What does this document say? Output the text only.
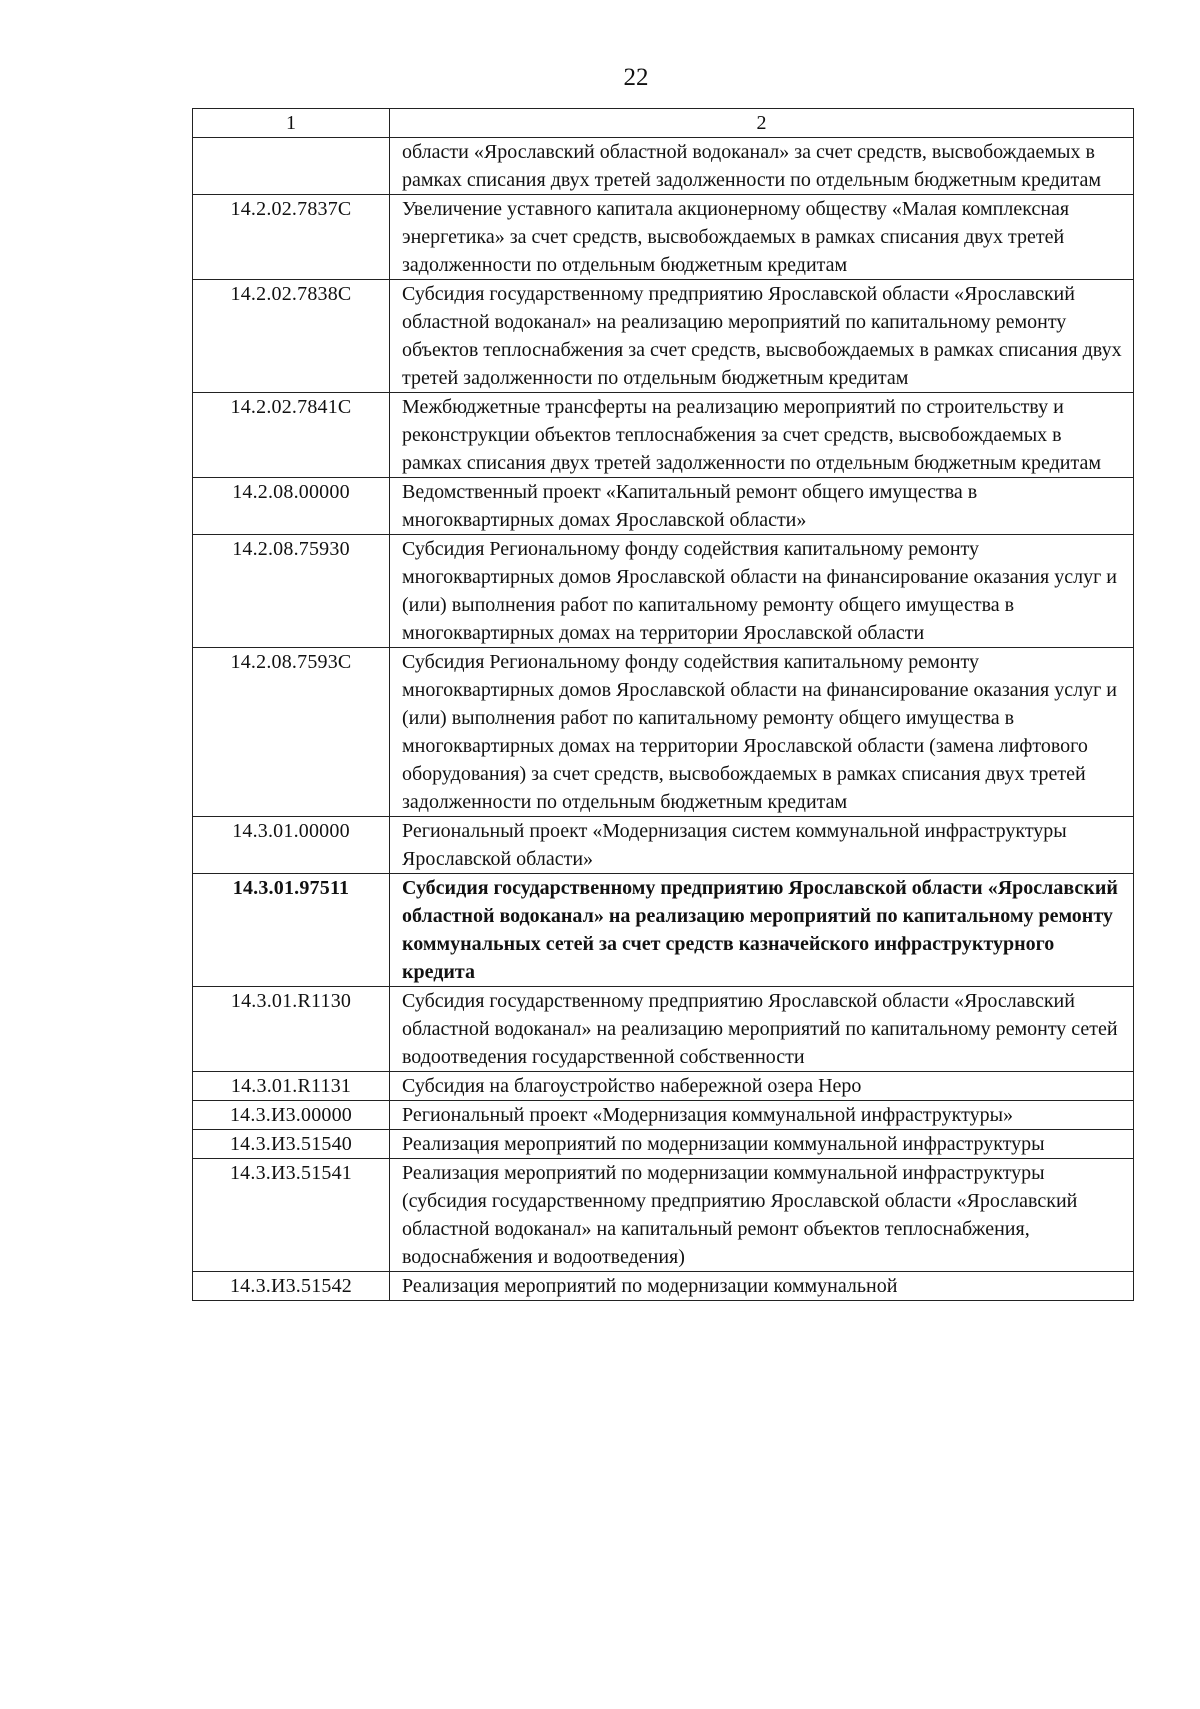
22
1	2
	области «Ярославский областной водоканал» за счет средств, высвобождаемых в рамках списания двух третей задолженности по отдельным бюджетным кредитам
14.2.02.7837С	Увеличение уставного капитала акционерному обществу «Малая комплексная энергетика» за счет средств, высвобождаемых в рамках списания двух третей задолженности по отдельным бюджетным кредитам
14.2.02.7838С	Субсидия государственному предприятию Ярославской области «Ярославский областной водоканал» на реализацию мероприятий по капитальному ремонту объектов теплоснабжения за счет средств, высвобождаемых в рамках списания двух третей задолженности по отдельным бюджетным кредитам
14.2.02.7841С	Межбюджетные трансферты на реализацию мероприятий по строительству и реконструкции объектов теплоснабжения за счет средств, высвобождаемых в рамках списания двух третей задолженности по отдельным бюджетным кредитам
14.2.08.00000	Ведомственный проект «Капитальный ремонт общего имущества в многоквартирных домах Ярославской области»
14.2.08.75930	Субсидия Региональному фонду содействия капитальному ремонту многоквартирных домов Ярославской области на финансирование оказания услуг и (или) выполнения работ по капитальному ремонту общего имущества в многоквартирных домах на территории Ярославской области
14.2.08.7593С	Субсидия Региональному фонду содействия капитальному ремонту многоквартирных домов Ярославской области на финансирование оказания услуг и (или) выполнения работ по капитальному ремонту общего имущества в многоквартирных домах на территории Ярославской области (замена лифтового оборудования) за счет средств, высвобождаемых в рамках списания двух третей задолженности по отдельным бюджетным кредитам
14.3.01.00000	Региональный проект «Модернизация систем коммунальной инфраструктуры Ярославской области»
14.3.01.97511	Субсидия государственному предприятию Ярославской области «Ярославский областной водоканал» на реализацию мероприятий по капитальному ремонту коммунальных сетей за счет средств казначейского инфраструктурного кредита
14.3.01.R1130	Субсидия государственному предприятию Ярославской области «Ярославский областной водоканал» на реализацию мероприятий по капитальному ремонту сетей водоотведения государственной собственности
14.3.01.R1131	Субсидия на благоустройство набережной озера Неро
14.3.И3.00000	Региональный проект «Модернизация коммунальной инфраструктуры»
14.3.И3.51540	Реализация мероприятий по модернизации коммунальной инфраструктуры
14.3.И3.51541	Реализация мероприятий по модернизации коммунальной инфраструктуры (субсидия государственному предприятию Ярославской области «Ярославский областной водоканал» на капитальный ремонт объектов теплоснабжения, водоснабжения и водоотведения)
14.3.И3.51542	Реализация мероприятий по модернизации коммунальной
